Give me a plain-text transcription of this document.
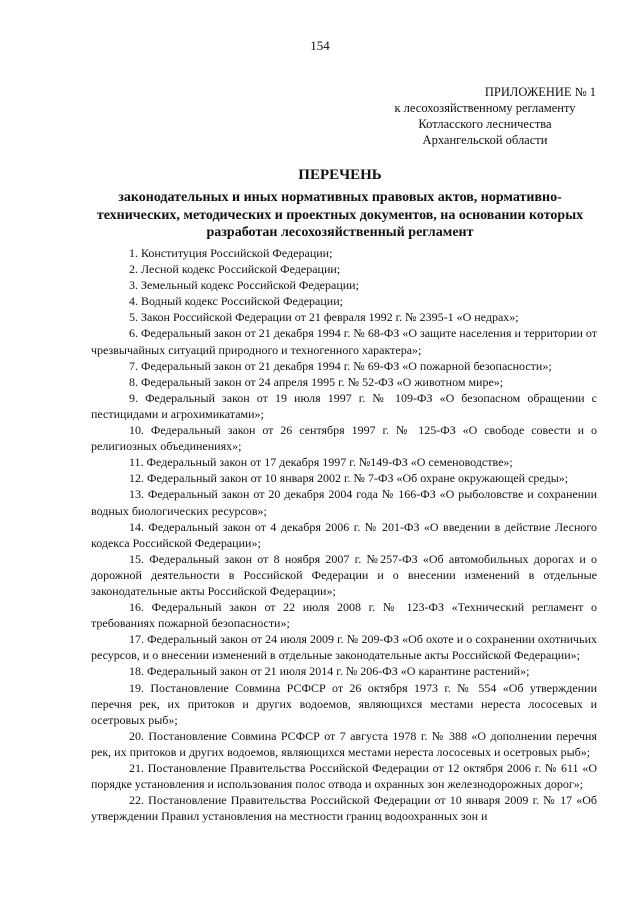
154
ПРИЛОЖЕНИЕ № 1
к лесохозяйственному регламенту
Котласского лесничества
Архангельской области
ПЕРЕЧЕНЬ
законодательных и иных нормативных правовых актов, нормативно-технических, методических и проектных документов, на основании которых разработан лесохозяйственный регламент

1. Конституция Российской Федерации;

2. Лесной кодекс Российской Федерации;

3. Земельный кодекс Российской Федерации;

4. Водный кодекс Российской Федерации;

5. Закон Российской Федерации от 21 февраля 1992 г. № 2395-1 «О недрах»;

6. Федеральный закон от 21 декабря 1994 г. № 68-ФЗ «О защите населения и территории от чрезвычайных ситуаций природного и техногенного характера»;

7. Федеральный закон от 21 декабря 1994 г. № 69-ФЗ «О пожарной безопасности»;

8. Федеральный закон от 24 апреля 1995 г. № 52-ФЗ «О животном мире»;

9. Федеральный закон от 19 июля 1997 г. № 109-ФЗ «О безопасном обращении с пестицидами и агрохимикатами»;

10. Федеральный закон от 26 сентября 1997 г. № 125-ФЗ «О свободе совести и о религиозных объединениях»;

11. Федеральный закон от 17 декабря 1997 г. №149-ФЗ «О семеноводстве»;

12. Федеральный закон от 10 января 2002 г. № 7-ФЗ «Об охране окружающей среды»;

13. Федеральный закон от 20 декабря 2004 года № 166-ФЗ «О рыболовстве и сохранении водных биологических ресурсов»;

14. Федеральный закон от 4 декабря 2006 г. № 201-ФЗ «О введении в действие Лесного кодекса Российской Федерации»;

15. Федеральный закон от 8 ноября 2007 г. №257-ФЗ «Об автомобильных дорогах и о дорожной деятельности в Российской Федерации и о внесении изменений в отдельные законодательные акты Российской Федерации»;

16. Федеральный закон от 22 июля 2008 г. № 123-ФЗ «Технический регламент о требованиях пожарной безопасности»;

17. Федеральный закон от 24 июля 2009 г. № 209-ФЗ «Об охоте и о сохранении охотничьих ресурсов, и о внесении изменений в отдельные законодательные акты Российской Федерации»;

18. Федеральный закон от 21 июля 2014 г. № 206-ФЗ «О карантине растений»;

19. Постановление Совмина РСФСР от 26 октября 1973 г. № 554 «Об утверждении перечня рек, их притоков и других водоемов, являющихся местами нереста лососевых и осетровых рыб»;

20. Постановление Совмина РСФСР от 7 августа 1978 г. № 388 «О дополнении перечня рек, их притоков и других водоемов, являющихся местами нереста лососевых и осетровых рыб»;

21. Постановление Правительства Российской Федерации от 12 октября 2006 г. № 611 «О порядке установления и использования полос отвода и охранных зон железнодорожных дорог»;

22. Постановление Правительства Российской Федерации от 10 января 2009 г. № 17 «Об утверждении Правил установления на местности границ водоохранных зон и
